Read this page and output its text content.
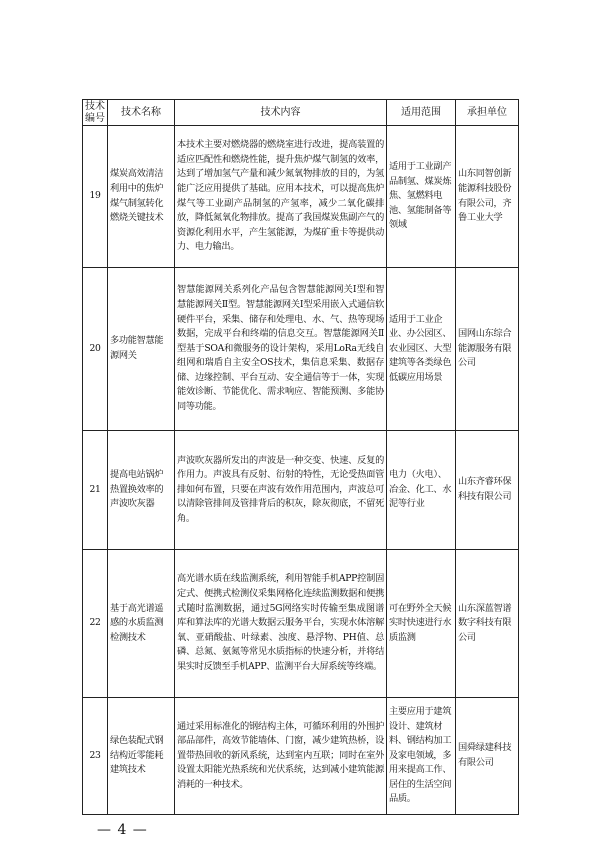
技术
编号	技术名称	技术内容	适用范围	承担单位
19	煤炭高效清洁利用中的焦炉煤气制氢转化燃烧关键技术	本技术主要对燃烧器的燃烧室进行改进，提高装置的适应匹配性和燃烧性能，提升焦炉煤气制氢的效率，达到了增加氢气产量和减少氮氧物排放的目的，为氢能广泛应用提供了基础。应用本技术，可以提高焦炉煤气等工业副产品制氢的产氢率，减少二氧化碳排放，降低氮氧化物排放。提高了我国煤炭焦副产气的资源化利用水平，产生氢能源，为煤矿重卡等提供动力、电力输出。	适用于工业副产品制氢、煤炭炼焦、氢燃料电池、氢能制备等领域	山东同智创新能源科技股份有限公司，齐鲁工业大学
20	多功能智慧能源网关	智慧能源网关系列化产品包含智慧能源网关Ⅰ型和智慧能源网关Ⅱ型。智慧能源网关Ⅰ型采用嵌入式通信软硬件平台，采集、储存和处理电、水、气、热等现场数据，完成平台和终端的信息交互。智慧能源网关Ⅱ型基于SOA和微服务的设计架构，采用LoRa无线自组网和瑞盾自主安全OS技术，集信息采集、数据存储、边缘控制、平台互动、安全通信等于一体，实现能效诊断、节能优化、需求响应、智能预测、多能协同等功能。	适用于工业企业、办公园区、农业园区、大型建筑等各类绿色低碳应用场景	国网山东综合能源服务有限公司
21	提高电站锅炉热置换效率的声波吹灰器	声波吹灰器所发出的声波是一种交变、快速、反复的作用力。声波具有反射、衍射的特性，无论受热面管排如何布置，只要在声波有效作用范围内，声波总可以清除管排间及管排背后的积灰，除灰彻底，不留死角。	电力（火电）、冶金、化工、水泥等行业	山东齐睿环保科技有限公司
22	基于高光谱遥感的水质监测检测技术	高光谱水质在线监测系统，利用智能手机APP控制固定式、便携式检测仪采集网格化连续监测数据和便携式随时监测数据，通过5G网络实时传输至集成图谱库和算法库的光谱大数据云服务平台，实现水体溶解氧、亚硝酸盐、叶绿素、浊度、悬浮物、PH值、总磷、总氮、氨氮等常见水质指标的快速分析，并将结果实时反馈至手机APP、监测平台大屏系统等终端。	可在野外全天候实时快速进行水质监测	山东深蓝智谱数字科技有限公司
23	绿色装配式钢结构近零能耗建筑技术	通过采用标准化的钢结构主体，可循环利用的外围护部品部件，高效节能墙体、门窗，减少建筑热桥，设置带热回收的新风系统，达到室内互联；同时在室外设置太阳能光热系统和光伏系统，达到减小建筑能源消耗的一种技术。	主要应用于建筑设计、建筑材料、钢结构加工及家电领域，多用来提高工作、居住的生活空间品质。	国舜绿建科技有限公司
— 4 —
